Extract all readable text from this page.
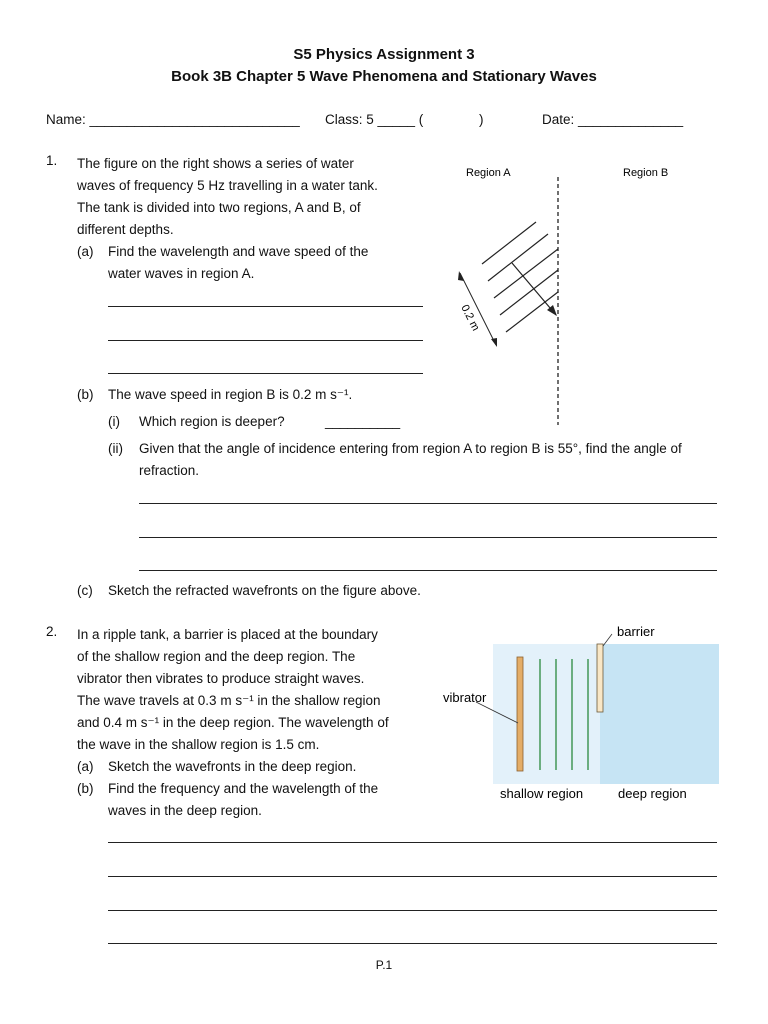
S5 Physics Assignment 3
Book 3B Chapter 5 Wave Phenomena and Stationary Waves
Name: ____________________________ Class: 5 _____ (	)	Date: ______________
1. The figure on the right shows a series of water
waves of frequency 5 Hz travelling in a water tank.
The tank is divided into two regions, A and B, of
different depths.
(a) Find the wavelength and wave speed of the
water waves in region A.
(b) The wave speed in region B is 0.2 m s⁻¹.
(i) Which region is deeper?	__________
(ii) Given that the angle of incidence entering from region A to region B is 55°, find the angle of
refraction.
(c) Sketch the refracted wavefronts on the figure above.
0.2 m
Region A	Region B
2. In a ripple tank, a barrier is placed at the boundary
of the shallow region and the deep region. The
vibrator then vibrates to produce straight waves.
The wave travels at 0.3 m s⁻¹ in the shallow region
and 0.4 m s⁻¹ in the deep region. The wavelength of
the wave in the shallow region is 1.5 cm.
(a) Sketch the wavefronts in the deep region.
(b) Find the frequency and the wavelength of the
waves in the deep region.
barrier
vibrator
shallow region	deep region
P.1
